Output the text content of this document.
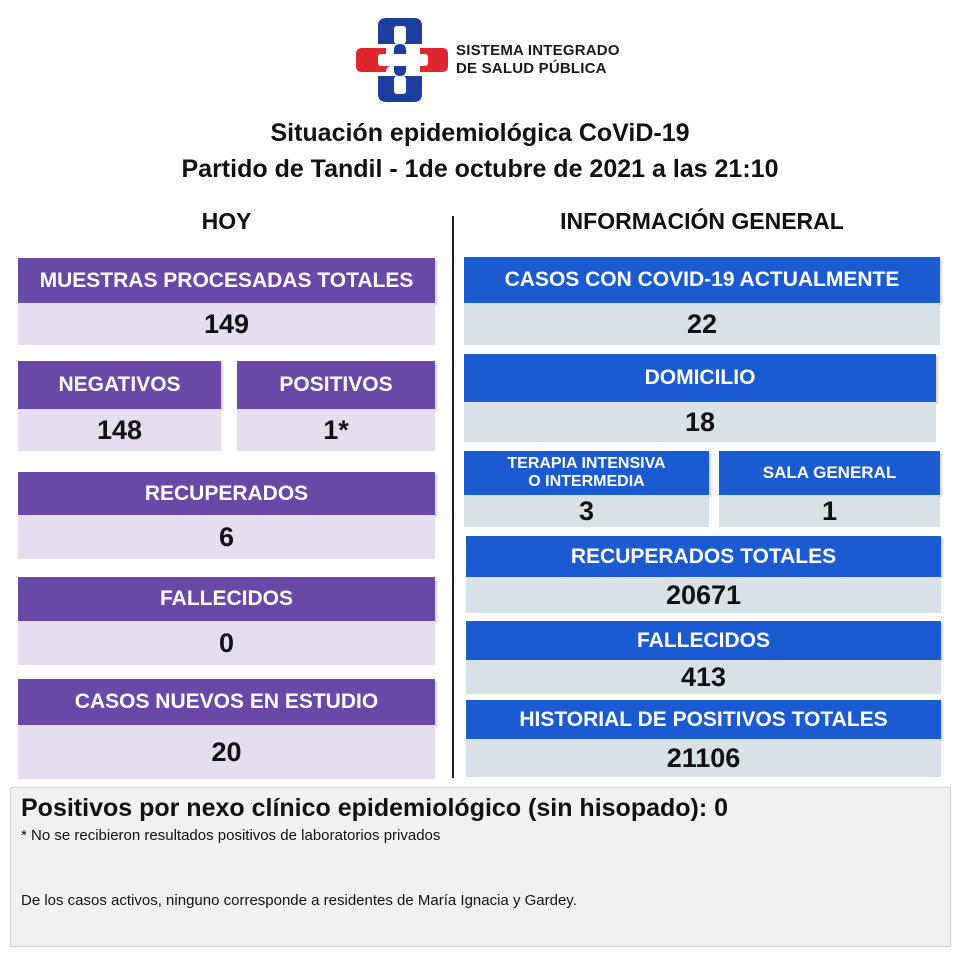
SISTEMA INTEGRADO
DE SALUD PÚBLICA
Situación epidemiológica CoViD-19
Partido de Tandil - 1de octubre de 2021 a las 21:10
HOY	INFORMACIÓN GENERAL
MUESTRAS PROCESADAS TOTALES
149
NEGATIVOS
148
POSITIVOS
1*
RECUPERADOS
6
FALLECIDOS
0
CASOS NUEVOS EN ESTUDIO
20
CASOS CON COVID-19 ACTUALMENTE
22
DOMICILIO
18
TERAPIA INTENSIVA
O INTERMEDIA
3
SALA GENERAL
1
RECUPERADOS TOTALES
20671
FALLECIDOS
413
HISTORIAL DE POSITIVOS TOTALES
21106
Positivos por nexo clínico epidemiológico (sin hisopado): 0
* No se recibieron resultados positivos de laboratorios privados
De los casos activos, ninguno corresponde a residentes de María Ignacia y Gardey.
